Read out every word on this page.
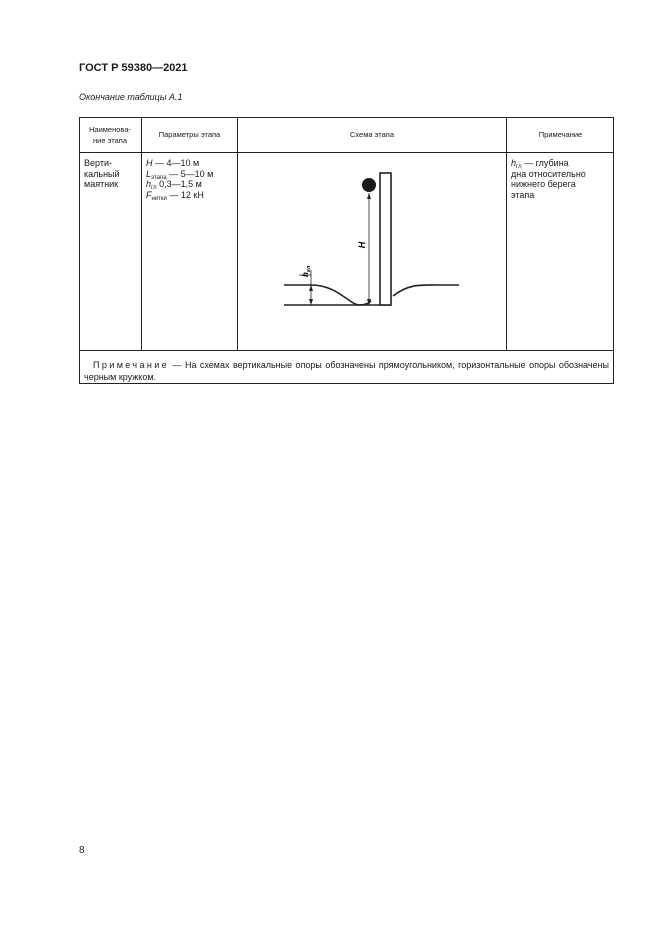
ГОСТ Р 59380—2021
Окончание таблицы А.1
Наименова-
ние этапа
Параметры этапа	Схема этапа	Примечание
Верти-
кальный
маятник
H — 4—10 м
$L_{этапа}$ — 5—10 м
$h_{гл}$ 0,3—1,5 м
$F_{нитки}$ — 12 кН
H
$h_{гл}$
$h_{гл}$ — глубина
дна относительно
нижнего берега
этапа
 Примечание — На схемах вертикальные опоры обозначены прямоугольником, горизонтальные опоры обозначены черным кружком.
8
